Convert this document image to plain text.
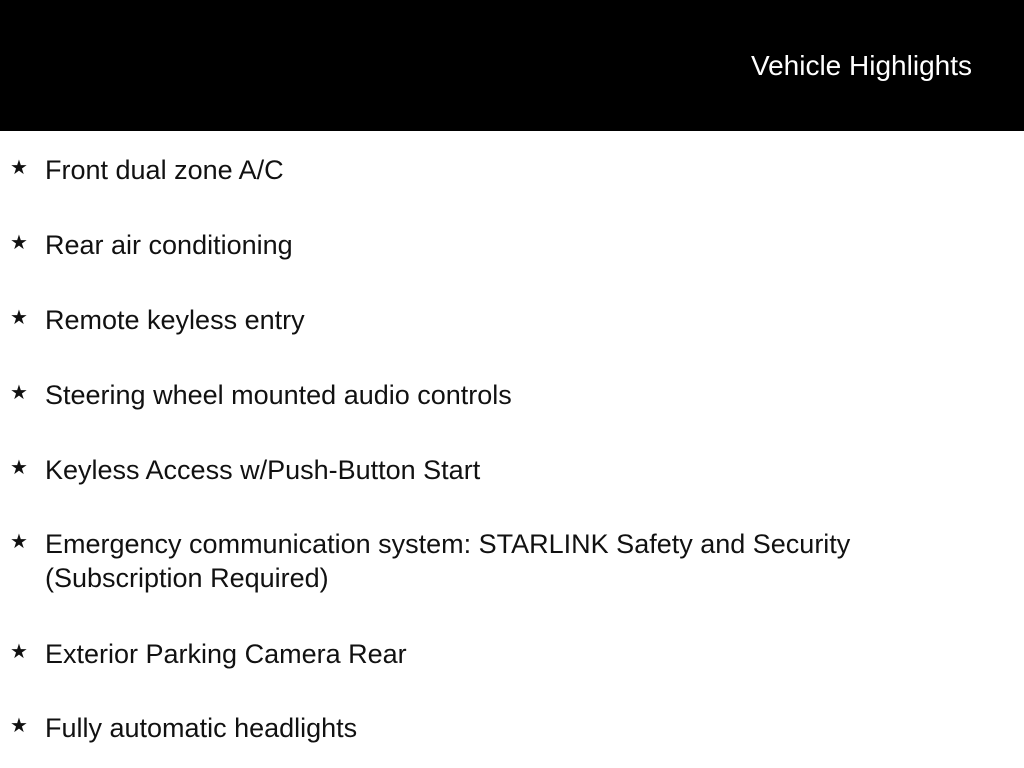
Vehicle Highlights
★ Front dual zone A/C
★ Rear air conditioning
★ Remote keyless entry
★ Steering wheel mounted audio controls
★ Keyless Access w/Push-Button Start
★ Emergency communication system: STARLINK Safety and Security (Subscription Required)
★ Exterior Parking Camera Rear
★ Fully automatic headlights
